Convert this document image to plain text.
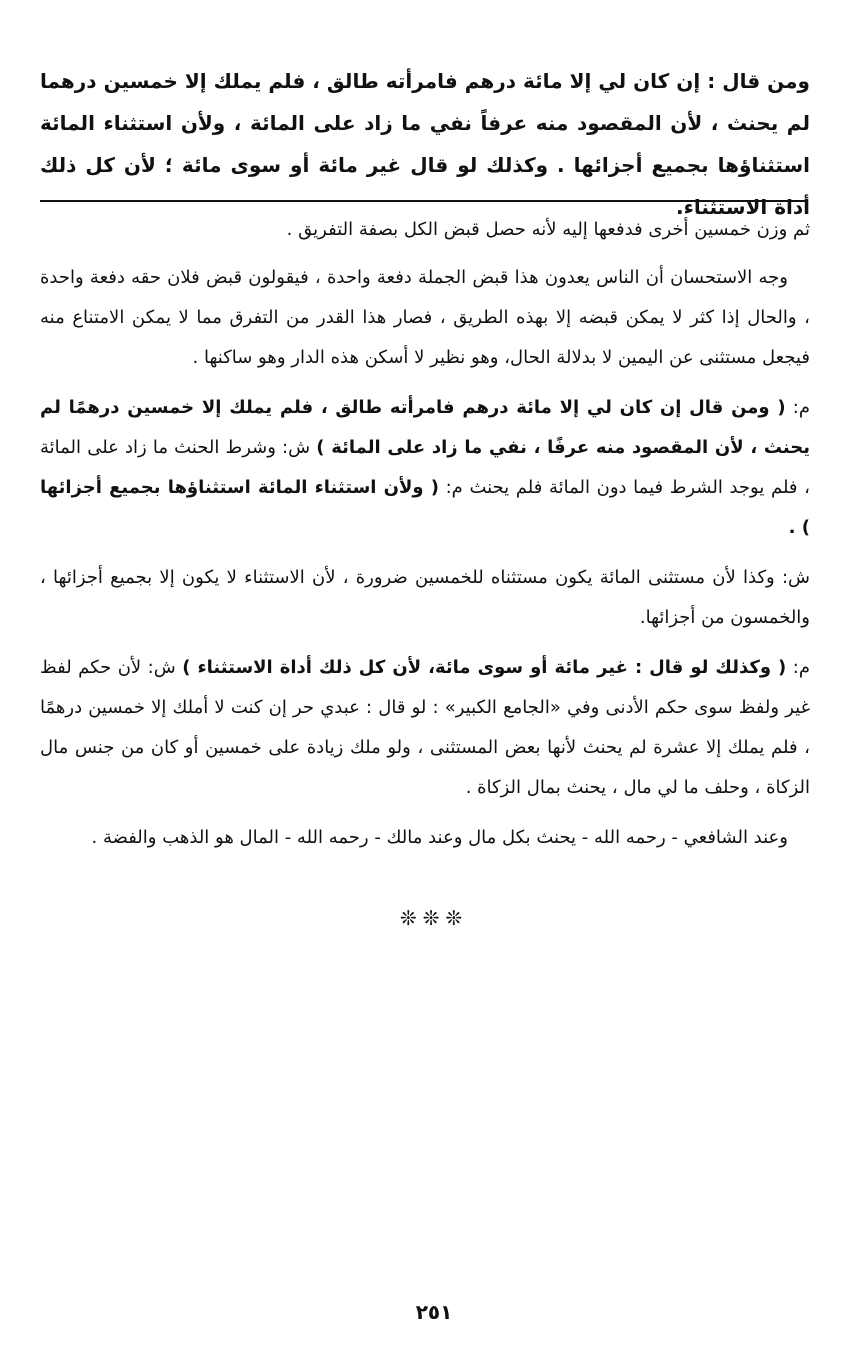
ومن قال : إن كان لي إلا مائة درهم فامرأته طالق ، فلم يملك إلا خمسين درهما لم يحنث ، لأن المقصود منه عرفاً نفي ما زاد على المائة ، ولأن استثناء المائة استثناؤها بجميع أجزائها . وكذلك لو قال غير مائة أو سوى مائة ؛ لأن كل ذلك أداة الاستثناء.

ثم وزن خمسين أخرى فدفعها إليه لأنه حصل قبض الكل بصفة التفريق .

وجه الاستحسان أن الناس يعدون هذا قبض الجملة دفعة واحدة ، فيقولون قبض فلان حقه دفعة واحدة ، والحال إذا كثر لا يمكن قبضه إلا بهذه الطريق ، فصار هذا القدر من التفرق مما لا يمكن الامتناع منه فيجعل مستثنى عن اليمين لا بدلالة الحال، وهو نظير لا أسكن هذه الدار وهو ساكنها .

م: ( ومن قال إن كان لي إلا مائة درهم فامرأته طالق ، فلم يملك إلا خمسين درهمًا لم يحنث ، لأن المقصود منه عرفًا ، نفي ما زاد على المائة ) ش: وشرط الحنث ما زاد على المائة ، فلم يوجد الشرط فيما دون المائة فلم يحنث م: ( ولأن استثناء المائة استثناؤها بجميع أجزائها ) .

ش: وكذا لأن مستثنى المائة يكون مستثناه للخمسين ضرورة ، لأن الاستثناء لا يكون إلا بجميع أجزائها ، والخمسون من أجزائها.

م: ( وكذلك لو قال : غير مائة أو سوى مائة، لأن كل ذلك أداة الاستثناء ) ش: لأن حكم لفظ غير ولفظ سوى حكم الأدنى وفي «الجامع الكبير» : لو قال : عبدي حر إن كنت لا أملك إلا خمسين درهمًا ، فلم يملك إلا عشرة لم يحنث لأنها بعض المستثنى ، ولو ملك زيادة على خمسين أو كان من جنس مال الزكاة ، وحلف ما لي مال ، يحنث بمال الزكاة .

وعند الشافعي - رحمه الله - يحنث بكل مال وعند مالك - رحمه الله - المال هو الذهب والفضة .

❊❊❊
٢٥١
